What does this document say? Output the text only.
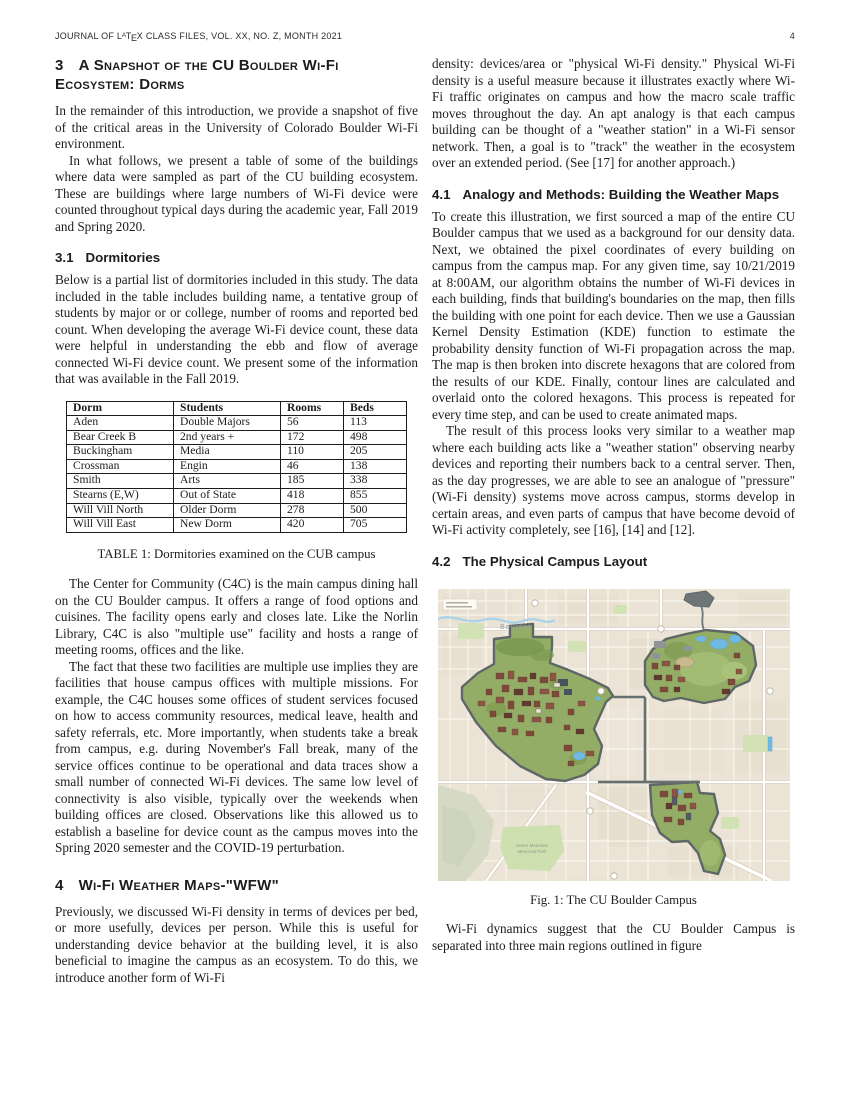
JOURNAL OF LATEX CLASS FILES, VOL. XX, NO. Z, MONTH 2021	4
3 A Snapshot of the CU Boulder Wi-Fi Ecosystem: Dorms

In the remainder of this introduction, we provide a snapshot of five of the critical areas in the University of Colorado Boulder Wi-Fi environment.

In what follows, we present a table of some of the buildings where data were sampled as part of the CU building ecosystem. These are buildings where large numbers of Wi-Fi device were counted throughout typical days during the academic year, Fall 2019 and Spring 2020.

3.1 Dormitories

Below is a partial list of dormitories included in this study. The data included in the table includes building name, a tentative group of students by major or or college, number of rooms and reported bed count. When developing the average Wi-Fi device count, these data were helpful in understanding the ebb and flow of average connected Wi-Fi device count. We present some of the information that was available in the Fall 2019.

Dorm	Students	Rooms	Beds
Aden	Double Majors	56	113
Bear Creek B	2nd years +	172	498
Buckingham	Media	110	205
Crossman	Engin	46	138
Smith	Arts	185	338
Stearns (E,W)	Out of State	418	855
Will Vill North	Older Dorm	278	500
Will Vill East	New Dorm	420	705
TABLE 1: Dormitories examined on the CUB campus

The Center for Community (C4C) is the main campus dining hall on the CU Boulder campus. It offers a range of food options and cuisines. The facility opens early and closes late. Like the Norlin Library, C4C is also "multiple use" facility and hosts a range of meeting rooms, offices and the like.

The fact that these two facilities are multiple use implies they are facilities that house campus offices with multiple missions. For example, the C4C houses some offices of student services focused on how to access community resources, medical leave, health and safety referrals, etc. More importantly, when students take a break from campus, e.g. during November's Fall break, many of the service offices continue to be operational and data traces show a small number of connected Wi-Fi devices. The same low level of connectivity is also visible, typically over the weekends when building offices are closed. Observations like this allowed us to establish a baseline for device count as the campus moves into the Spring 2020 semester and the COVID-19 perturbation.

4 Wi-Fi Weather Maps-"WFW"

Previously, we discussed Wi-Fi density in terms of devices per bed, or more usefully, devices per person. While this is useful for understanding device behavior at the building level, it is also beneficial to imagine the campus as an ecosystem. To do this, we introduce another form of Wi-Fi

density: devices/area or "physical Wi-Fi density." Physical Wi-Fi density is a useful measure because it illustrates exactly where Wi-Fi traffic originates on campus and how the macro scale traffic moves throughout the day. An apt analogy is that each campus building can be thought of a "weather station" in a Wi-Fi sensor network. Then, a goal is to "track" the weather in the ecosystem over an extended period. (See [17] for another approach.)

4.1 Analogy and Methods: Building the Weather Maps

To create this illustration, we first sourced a map of the entire CU Boulder campus that we used as a background for our density data. Next, we obtained the pixel coordinates of every building on campus from the campus map. For any given time, say 10/21/2019 at 8:00AM, our algorithm obtains the number of Wi-Fi devices in each building, finds that building's boundaries on the map, then fills the building with one point for each device. Then we use a Gaussian Kernel Density Estimation (KDE) function to estimate the probability density function of Wi-Fi propagation across the map. The map is then broken into discrete hexagons that are colored from the results of our KDE. Finally, contour lines are calculated and overlaid onto the colored hexagons. This process is repeated for every time step, and can be used to create animated maps.

The result of this process looks very similar to a weather map where each building acts like a "weather station" observing nearby devices and reporting their numbers back to a central server. Then, as the day progresses, we are able to see an analogue of "pressure" (Wi-Fi density) systems move across campus, storms develop in certain areas, and even parts of campus that have become devoid of Wi-Fi activity completely, see [16], [14] and [12].

4.2 The Physical Campus Layout
Boulder
Green Mountain
Memorial Park
Fig. 1: The CU Boulder Campus

Wi-Fi dynamics suggest that the CU Boulder Campus is separated into three main regions outlined in figure
